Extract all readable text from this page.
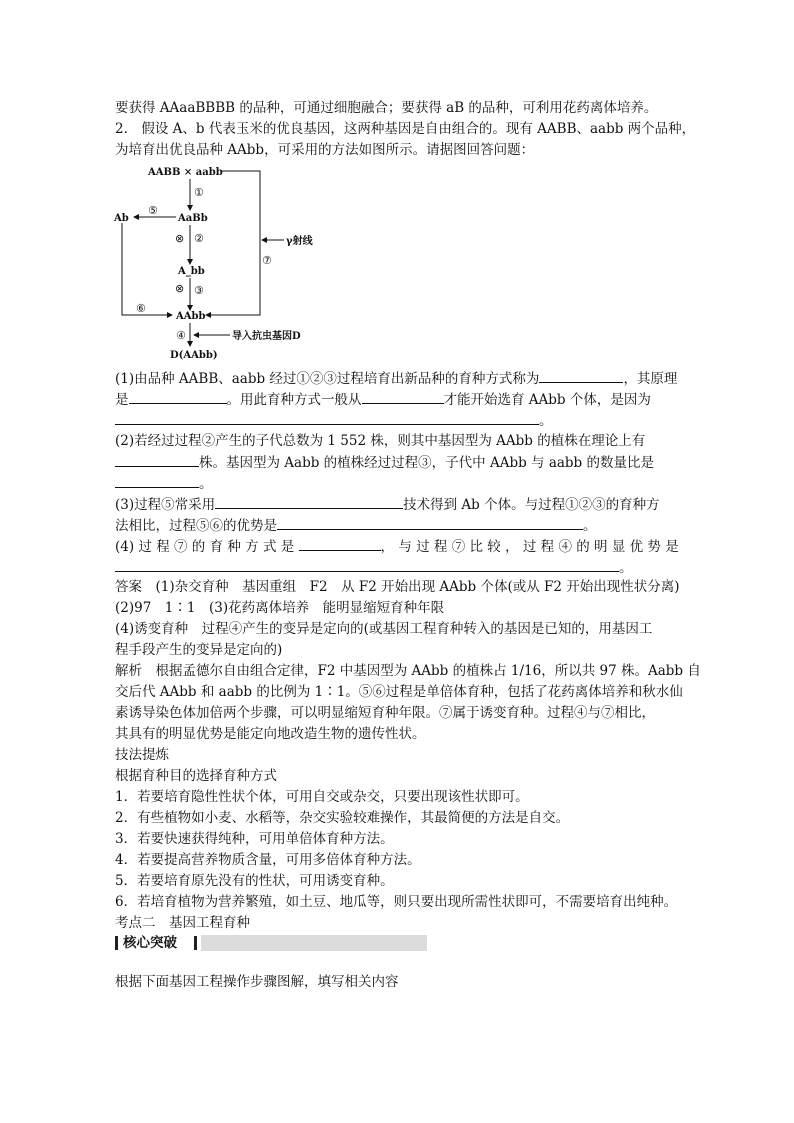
要获得 AAaaBBBB 的品种，可通过细胞融合；要获得 aB 的品种，可利用花药离体培养。
2． 假设 A、b 代表玉米的优良基因，这两种基因是自由组合的。现有 AABB、aabb 两个品种，
为培育出优良品种 AAbb，可采用的方法如图所示。请据图回答问题：
AABB × aabb
γ射线
⑦
①
AaBb
⑤
Ab
⊗ ②
A_bb
⊗ ③
⑥
AAbb
④	导入抗虫基因D
D(AAbb)
(1)由品种 AABB、aabb 经过①②③过程培育出新品种的育种方式称为	，其原理
是	。用此育种方式一般从	才能开始选育 AAbb 个体，是因为
。
(2)若经过过程②产生的子代总数为 1 552 株，则其中基因型为 AAbb 的植株在理论上有
株。基因型为 Aabb 的植株经过过程③，子代中 AAbb 与 aabb 的数量比是
。
(3)过程⑤常采用	技术得到 Ab 个体。与过程①②③的育种方
法相比，过程⑤⑥的优势是	。
(4) 过 程 ⑦ 的 育 种 方 式 是	， 与 过 程 ⑦ 比 较 ， 过 程 ④ 的 明 显 优 势 是
。
答案　(1)杂交育种　基因重组　F2　从 F2 开始出现 AAbb 个体(或从 F2 开始出现性状分离)
(2)97　1∶1　(3)花药离体培养　能明显缩短育种年限
(4)诱变育种　过程④产生的变异是定向的(或基因工程育种转入的基因是已知的，用基因工
程手段产生的变异是定向的)
解析　根据孟德尔自由组合定律，F2 中基因型为 AAbb 的植株占 1/16，所以共 97 株。Aabb 自
交后代 AAbb 和 aabb 的比例为 1∶1。⑤⑥过程是单倍体育种，包括了花药离体培养和秋水仙
素诱导染色体加倍两个步骤，可以明显缩短育种年限。⑦属于诱变育种。过程④与⑦相比，
其具有的明显优势是能定向地改造生物的遗传性状。
技法提炼
根据育种目的选择育种方式
1．若要培育隐性性状个体，可用自交或杂交，只要出现该性状即可。
2．有些植物如小麦、水稻等，杂交实验较难操作，其最简便的方法是自交。
3．若要快速获得纯种，可用单倍体育种方法。
4．若要提高营养物质含量，可用多倍体育种方法。
5．若要培育原先没有的性状，可用诱变育种。
6．若培育植物为营养繁殖，如土豆、地瓜等，则只要出现所需性状即可，不需要培育出纯种。
考点二　基因工程育种
核心突破
根据下面基因工程操作步骤图解，填写相关内容
